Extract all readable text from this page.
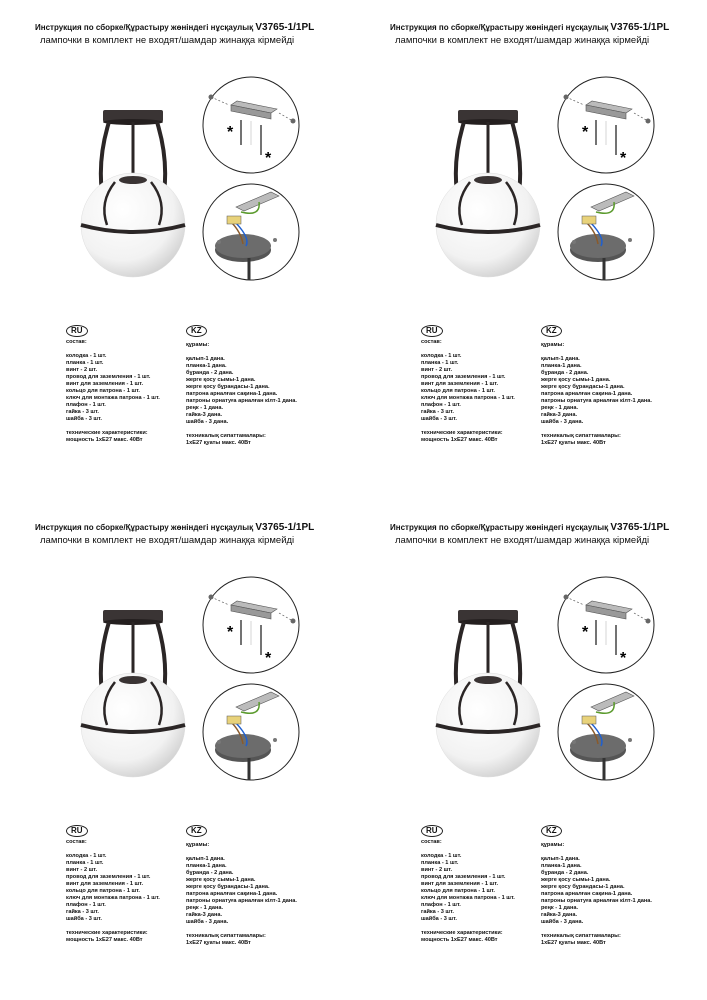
Инструкция по сборке/Құрастыру жөніндегі нұсқаулық V3765-1/1PL
лампочки в комплект не входят/шамдар жинаққа кірмейді
*
*
RU	KZ
состав:
колодка - 1 шт.
планка - 1 шт.
винт - 2 шт.
провод для заземления - 1 шт.
винт для заземления - 1 шт.
кольцо для патрона - 1 шт.
ключ для монтажа патрона - 1 шт.
плафон - 1 шт.
гайка - 3 шт.
шайба - 3 шт.
технические характеристики:
мощность 1хЕ27 макс. 40Вт
құрамы:
қалып-1 дана.
планка-1 дана.
бұранда - 2 дана.
жерге қосу сымы-1 дана.
жерге қосу бұрандасы-1 дана.
патрона арналған сақина-1 дана.
патроны орнатуға арналған кілт-1 дана.
реңк - 1 дана.
гайка-3 дана.
шайба - 3 дана.
техникалық сипаттамалары:
1хЕ27 қуаты макс. 40Вт
Инструкция по сборке/Құрастыру жөніндегі нұсқаулық V3765-1/1PL
лампочки в комплект не входят/шамдар жинаққа кірмейді
*
*
RU	KZ
состав:
колодка - 1 шт.
планка - 1 шт.
винт - 2 шт.
провод для заземления - 1 шт.
винт для заземления - 1 шт.
кольцо для патрона - 1 шт.
ключ для монтажа патрона - 1 шт.
плафон - 1 шт.
гайка - 3 шт.
шайба - 3 шт.
технические характеристики:
мощность 1хЕ27 макс. 40Вт
құрамы:
қалып-1 дана.
планка-1 дана.
бұранда - 2 дана.
жерге қосу сымы-1 дана.
жерге қосу бұрандасы-1 дана.
патрона арналған сақина-1 дана.
патроны орнатуға арналған кілт-1 дана.
реңк - 1 дана.
гайка-3 дана.
шайба - 3 дана.
техникалық сипаттамалары:
1хЕ27 қуаты макс. 40Вт
Инструкция по сборке/Құрастыру жөніндегі нұсқаулық V3765-1/1PL
лампочки в комплект не входят/шамдар жинаққа кірмейді
*
*
RU	KZ
состав:
колодка - 1 шт.
планка - 1 шт.
винт - 2 шт.
провод для заземления - 1 шт.
винт для заземления - 1 шт.
кольцо для патрона - 1 шт.
ключ для монтажа патрона - 1 шт.
плафон - 1 шт.
гайка - 3 шт.
шайба - 3 шт.
технические характеристики:
мощность 1хЕ27 макс. 40Вт
құрамы:
қалып-1 дана.
планка-1 дана.
бұранда - 2 дана.
жерге қосу сымы-1 дана.
жерге қосу бұрандасы-1 дана.
патрона арналған сақина-1 дана.
патроны орнатуға арналған кілт-1 дана.
реңк - 1 дана.
гайка-3 дана.
шайба - 3 дана.
техникалық сипаттамалары:
1хЕ27 қуаты макс. 40Вт
Инструкция по сборке/Құрастыру жөніндегі нұсқаулық V3765-1/1PL
лампочки в комплект не входят/шамдар жинаққа кірмейді
*
*
RU	KZ
состав:
колодка - 1 шт.
планка - 1 шт.
винт - 2 шт.
провод для заземления - 1 шт.
винт для заземления - 1 шт.
кольцо для патрона - 1 шт.
ключ для монтажа патрона - 1 шт.
плафон - 1 шт.
гайка - 3 шт.
шайба - 3 шт.
технические характеристики:
мощность 1хЕ27 макс. 40Вт
құрамы:
қалып-1 дана.
планка-1 дана.
бұранда - 2 дана.
жерге қосу сымы-1 дана.
жерге қосу бұрандасы-1 дана.
патрона арналған сақина-1 дана.
патроны орнатуға арналған кілт-1 дана.
реңк - 1 дана.
гайка-3 дана.
шайба - 3 дана.
техникалық сипаттамалары:
1хЕ27 қуаты макс. 40Вт
